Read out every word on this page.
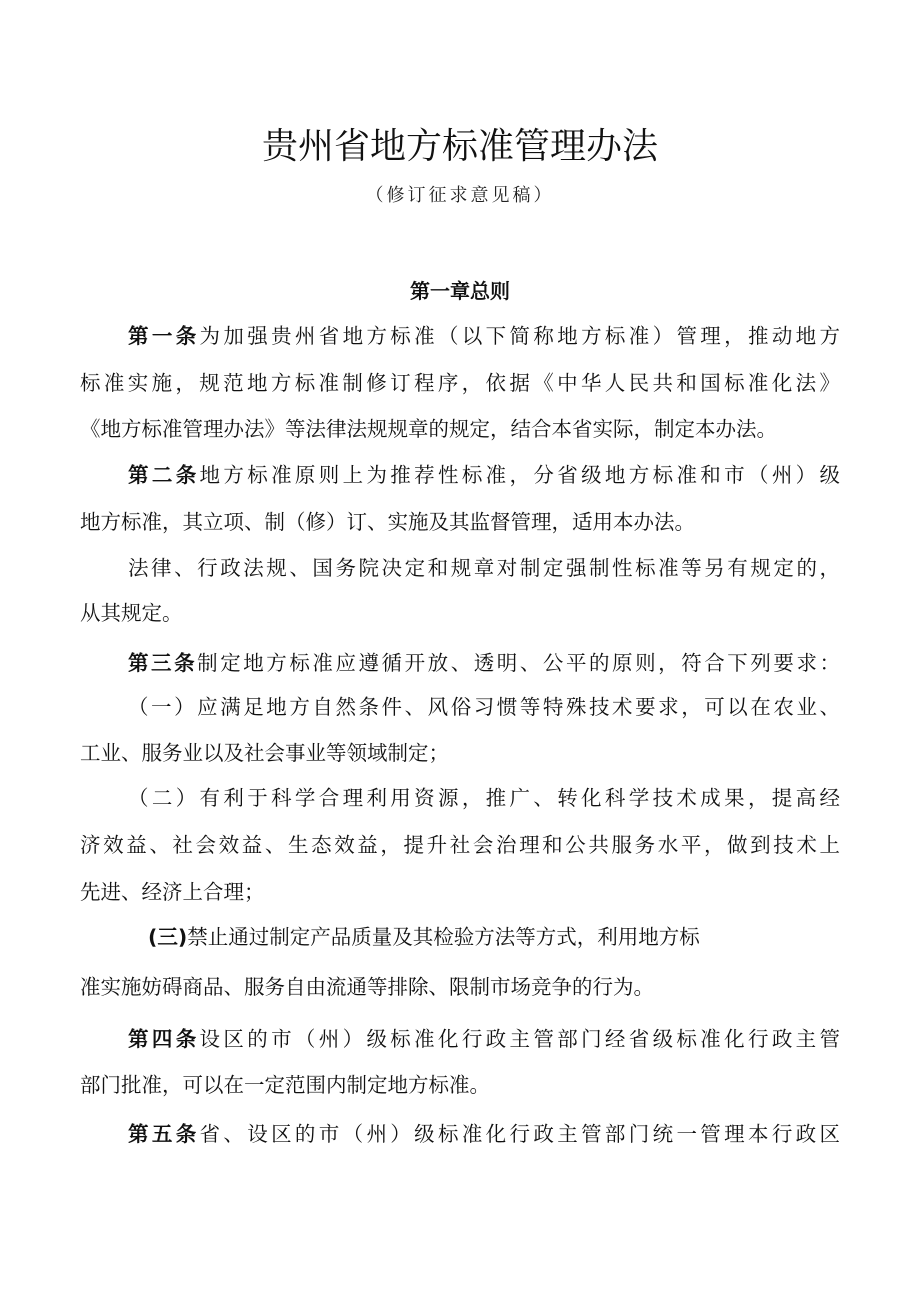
贵州省地方标准管理办法
（修订征求意见稿）
第一章总则
第一条为加强贵州省地方标准（以下简称地方标准）管理，推动地方
标准实施，规范地方标准制修订程序，依据《中华人民共和国标准化法》
《地方标准管理办法》等法律法规规章的规定，结合本省实际，制定本办法。
第二条地方标准原则上为推荐性标准，分省级地方标准和市（州）级
地方标准，其立项、制（修）订、实施及其监督管理，适用本办法。
法律、行政法规、国务院决定和规章对制定强制性标准等另有规定的，
从其规定。
第三条制定地方标准应遵循开放、透明、公平的原则，符合下列要求：
（一）应满足地方自然条件、风俗习惯等特殊技术要求，可以在农业、
工业、服务业以及社会事业等领域制定；
（二）有利于科学合理利用资源，推广、转化科学技术成果，提高经
济效益、社会效益、生态效益，提升社会治理和公共服务水平，做到技术上
先进、经济上合理；
(三)禁止通过制定产品质量及其检验方法等方式，利用地方标
准实施妨碍商品、服务自由流通等排除、限制市场竞争的行为。
第四条设区的市（州）级标准化行政主管部门经省级标准化行政主管
部门批准，可以在一定范围内制定地方标准。
第五条省、设区的市（州）级标准化行政主管部门统一管理本行政区
